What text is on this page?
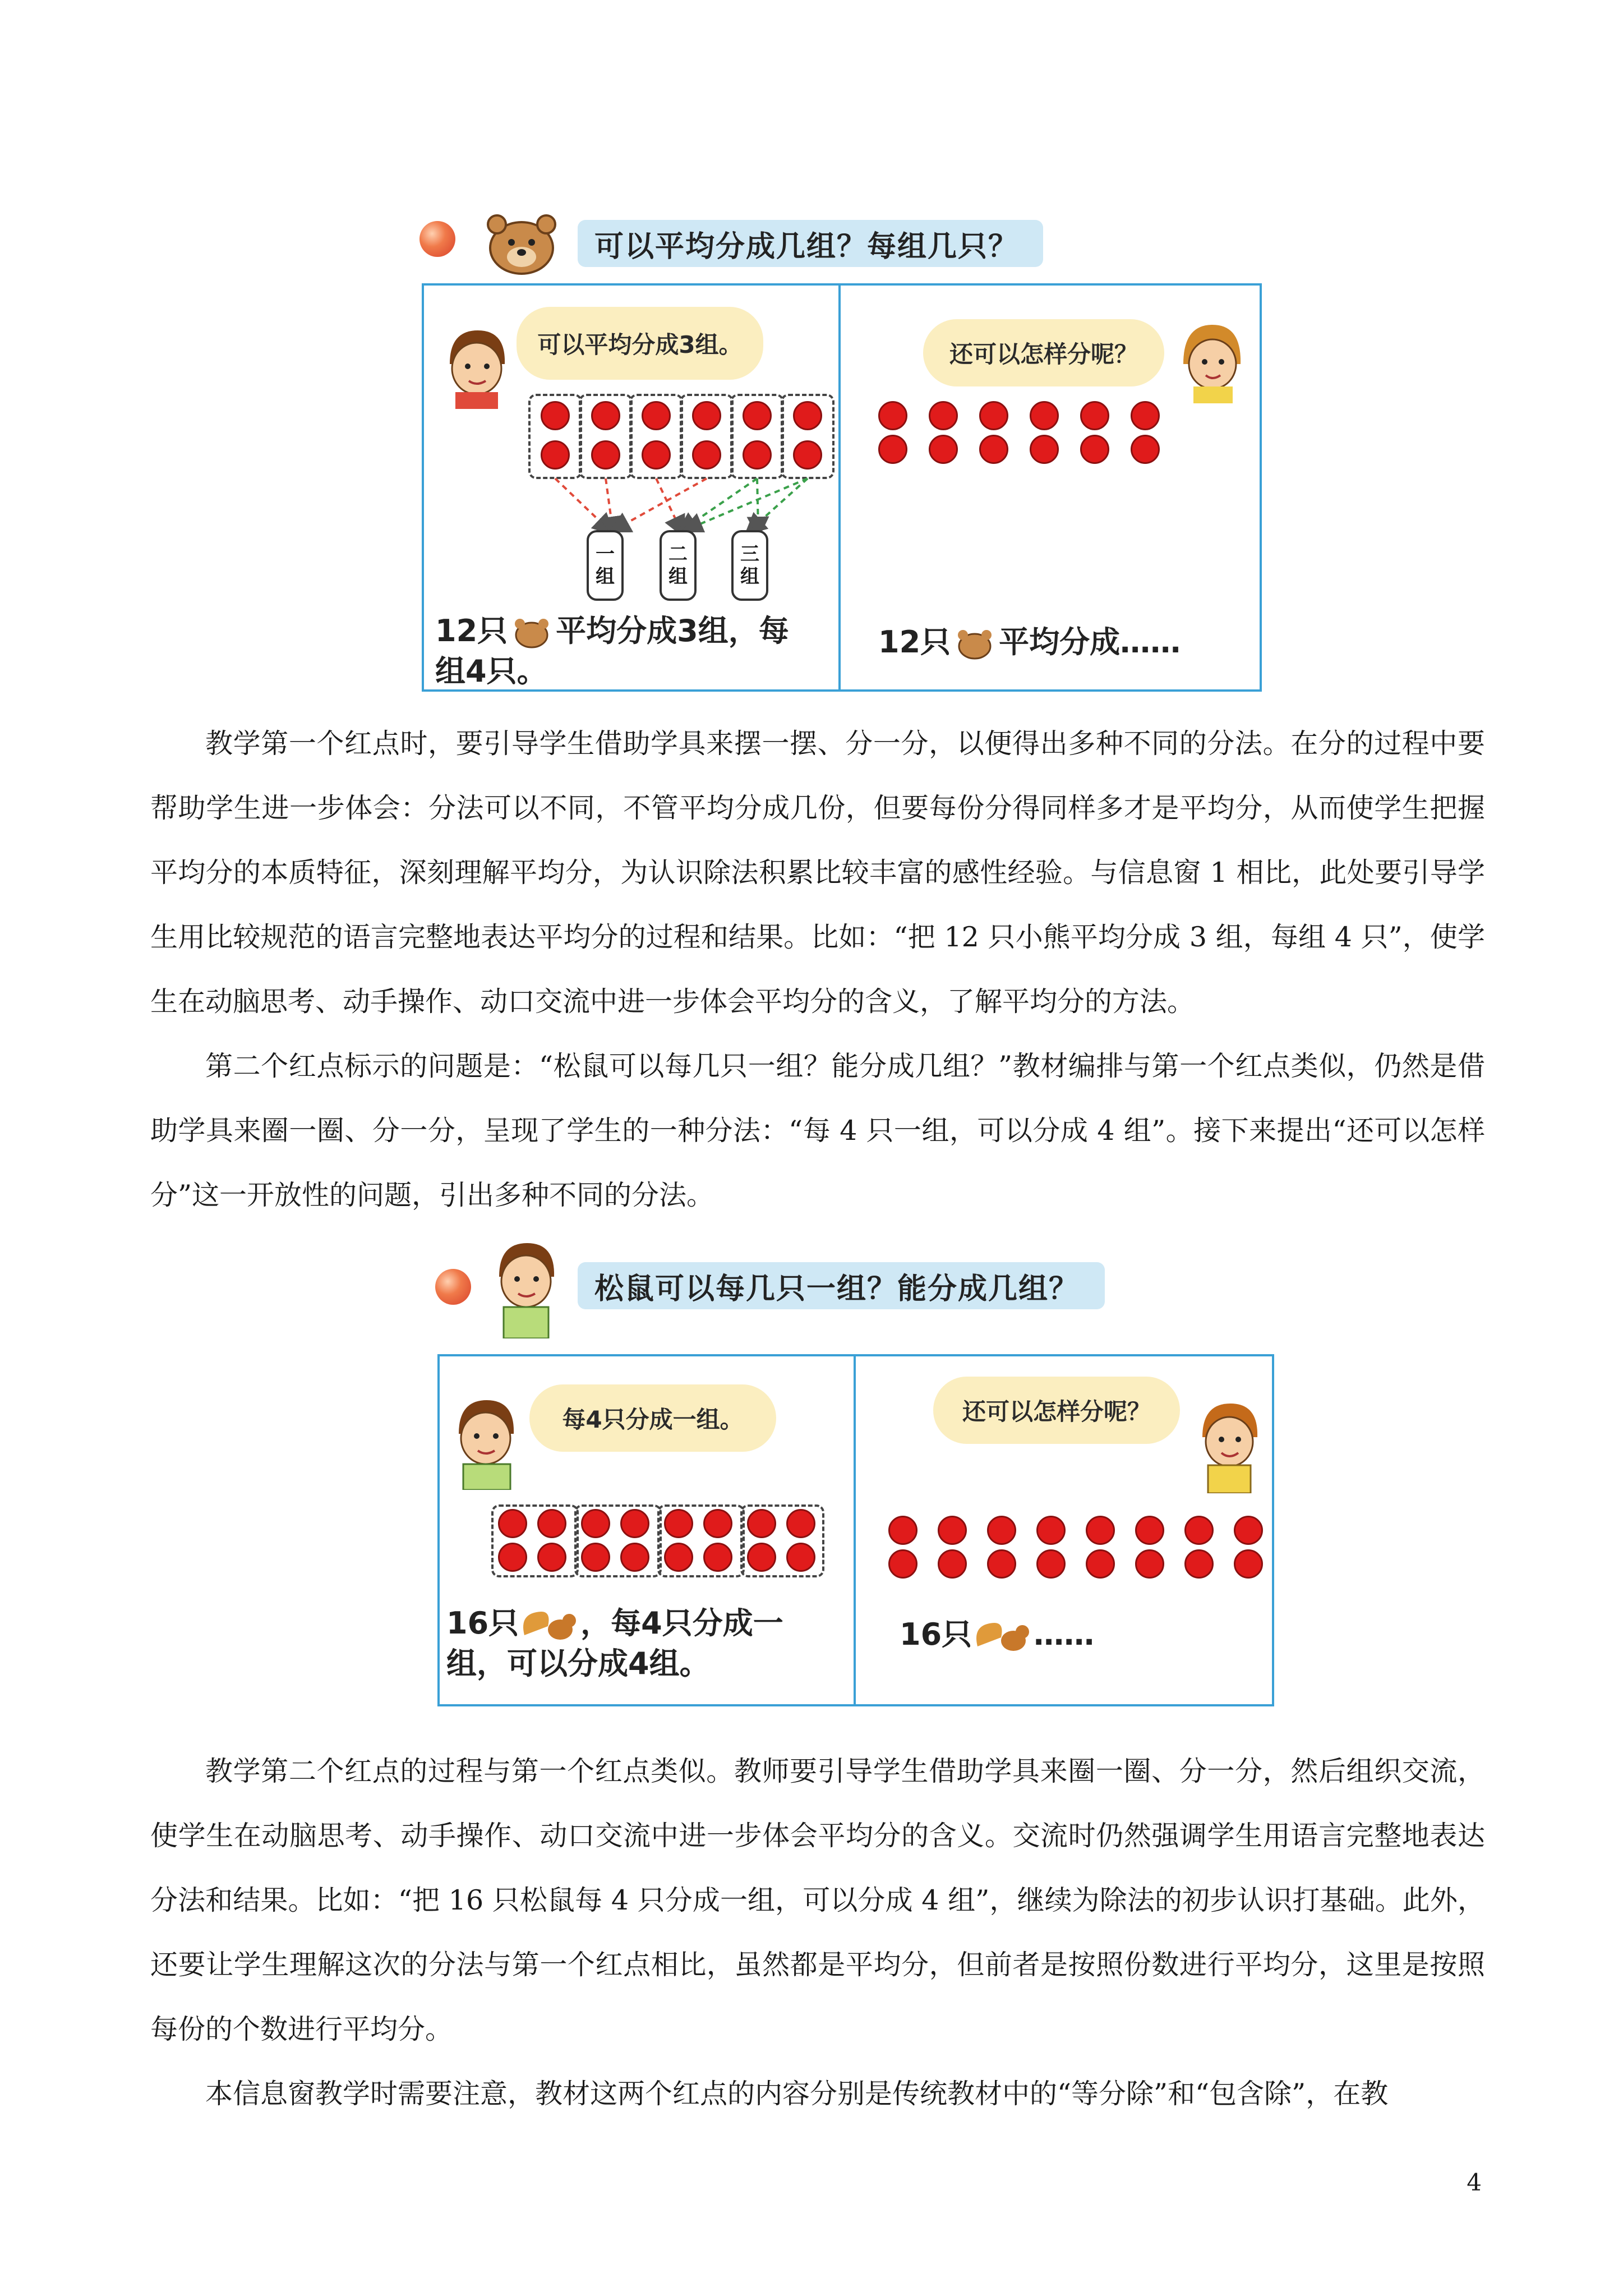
可以平均分成几组？每组几只？
可以平均分成3组。
一
组
二
组
三
组
12只 平均分成3组，每
组4只。
还可以怎样分呢？
12只 平均分成……

教学第一个红点时，要引导学生借助学具来摆一摆、分一分，以便得出多种不同的分法。在分的过程中要帮助学生进一步体会：分法可以不同，不管平均分成几份，但要每份分得同样多才是平均分，从而使学生把握平均分的本质特征，深刻理解平均分，为认识除法积累比较丰富的感性经验。与信息窗 1 相比，此处要引导学生用比较规范的语言完整地表达平均分的过程和结果。比如：“把 12 只小熊平均分成 3 组，每组 4 只”，使学生在动脑思考、动手操作、动口交流中进一步体会平均分的含义，了解平均分的方法。

第二个红点标示的问题是：“松鼠可以每几只一组？能分成几组？”教材编排与第一个红点类似，仍然是借助学具来圈一圈、分一分，呈现了学生的一种分法：“每 4 只一组，可以分成 4 组”。接下来提出“还可以怎样分”这一开放性的问题，引出多种不同的分法。

松鼠可以每几只一组？能分成几组？
每4只分成一组。
16只 ，每4只分成一
组，可以分成4组。
还可以怎样分呢？
16只 ……

教学第二个红点的过程与第一个红点类似。教师要引导学生借助学具来圈一圈、分一分，然后组织交流，使学生在动脑思考、动手操作、动口交流中进一步体会平均分的含义。交流时仍然强调学生用语言完整地表达分法和结果。比如：“把 16 只松鼠每 4 只分成一组，可以分成 4 组”，继续为除法的初步认识打基础。此外，还要让学生理解这次的分法与第一个红点相比，虽然都是平均分，但前者是按照份数进行平均分，这里是按照每份的个数进行平均分。

本信息窗教学时需要注意，教材这两个红点的内容分别是传统教材中的“等分除”和“包含除”，在教

4
